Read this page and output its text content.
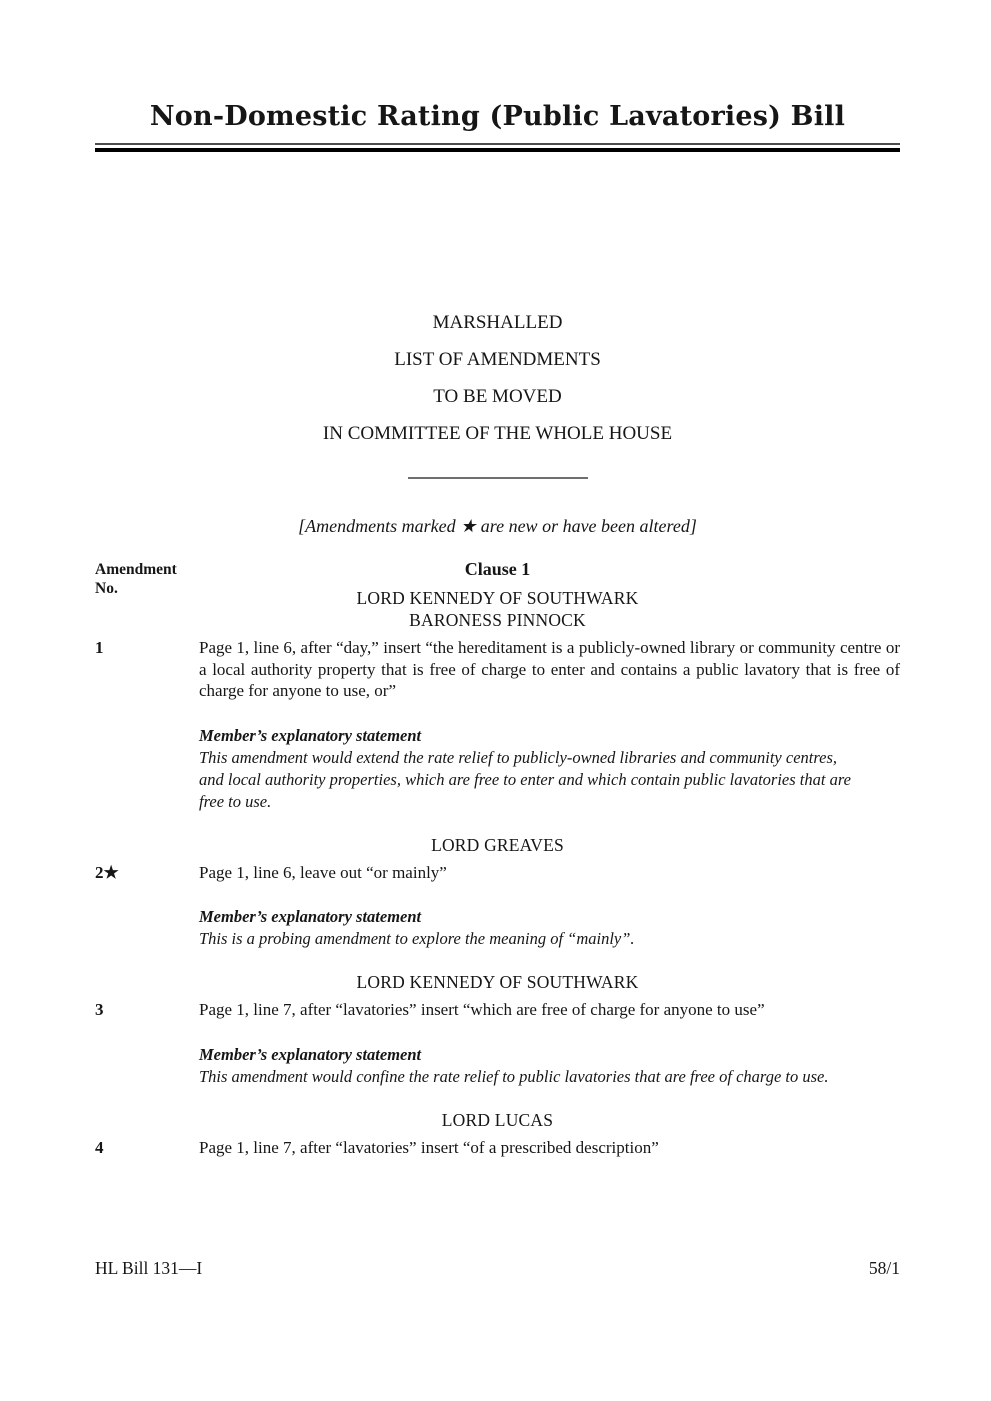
Non-Domestic Rating (Public Lavatories) Bill
MARSHALLED
LIST OF AMENDMENTS
TO BE MOVED
IN COMMITTEE OF THE WHOLE HOUSE
[Amendments marked ★ are new or have been altered]
Amendment
No.
Clause 1
LORD KENNEDY OF SOUTHWARK
BARONESS PINNOCK
1	Page 1, line 6, after “day,” insert “the hereditament is a publicly-owned library or community centre or a local authority property that is free of charge to enter and contains a public lavatory that is free of charge for anyone to use, or”

Member’s explanatory statement

This amendment would extend the rate relief to publicly-owned libraries and community centres, and local authority properties, which are free to enter and which contain public lavatories that are free to use.

LORD GREAVES
2★	Page 1, line 6, leave out “or mainly”

Member’s explanatory statement

This is a probing amendment to explore the meaning of “mainly”.

LORD KENNEDY OF SOUTHWARK
3	Page 1, line 7, after “lavatories” insert “which are free of charge for anyone to use”

Member’s explanatory statement

This amendment would confine the rate relief to public lavatories that are free of charge to use.

LORD LUCAS
4	Page 1, line 7, after “lavatories” insert “of a prescribed description”

HL Bill 131—I	58/1
